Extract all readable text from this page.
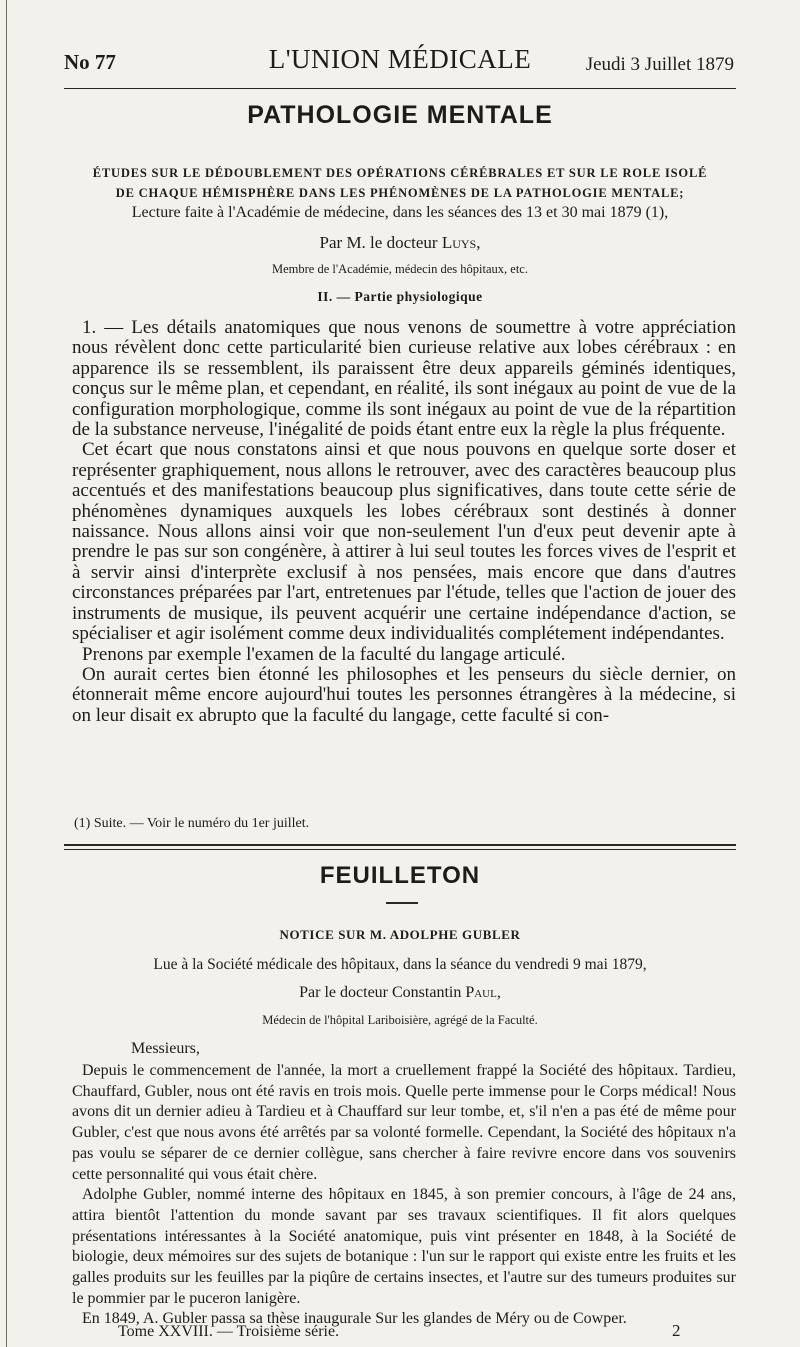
No 77	L'UNION MÉDICALE	Jeudi 3 Juillet 1879
PATHOLOGIE MENTALE
ÉTUDES SUR LE DÉDOUBLEMENT DES OPÉRATIONS CÉRÉBRALES ET SUR LE ROLE ISOLÉ
DE CHAQUE HÉMISPHÈRE DANS LES PHÉNOMÈNES DE LA PATHOLOGIE MENTALE;
Lecture faite à l'Académie de médecine, dans les séances des 13 et 30 mai 1879 (1),
Par M. le docteur Luys,
Membre de l'Académie, médecin des hôpitaux, etc.
II. — Partie physiologique

1. — Les détails anatomiques que nous venons de soumettre à votre appréciation nous révèlent donc cette particularité bien curieuse relative aux lobes cérébraux : en apparence ils se ressemblent, ils paraissent être deux appareils géminés identiques, conçus sur le même plan, et cependant, en réalité, ils sont inégaux au point de vue de la configuration morphologique, comme ils sont inégaux au point de vue de la répartition de la substance nerveuse, l'inégalité de poids étant entre eux la règle la plus fréquente.

Cet écart que nous constatons ainsi et que nous pouvons en quelque sorte doser et représenter graphiquement, nous allons le retrouver, avec des caractères beaucoup plus accentués et des manifestations beaucoup plus significatives, dans toute cette série de phénomènes dynamiques auxquels les lobes cérébraux sont destinés à donner naissance. Nous allons ainsi voir que non-seulement l'un d'eux peut devenir apte à prendre le pas sur son congénère, à attirer à lui seul toutes les forces vives de l'esprit et à servir ainsi d'interprète exclusif à nos pensées, mais encore que dans d'autres circonstances préparées par l'art, entretenues par l'étude, telles que l'action de jouer des instruments de musique, ils peuvent acquérir une certaine indépendance d'action, se spécialiser et agir isolément comme deux individualités complétement indépendantes.

Prenons par exemple l'examen de la faculté du langage articulé.

On aurait certes bien étonné les philosophes et les penseurs du siècle dernier, on étonnerait même encore aujourd'hui toutes les personnes étrangères à la médecine, si on leur disait ex abrupto que la faculté du langage, cette faculté si con-

(1) Suite. — Voir le numéro du 1er juillet.
FEUILLETON
NOTICE SUR M. ADOLPHE GUBLER
Lue à la Société médicale des hôpitaux, dans la séance du vendredi 9 mai 1879,
Par le docteur Constantin Paul,
Médecin de l'hôpital Lariboisière, agrégé de la Faculté.
Messieurs,

Depuis le commencement de l'année, la mort a cruellement frappé la Société des hôpitaux. Tardieu, Chauffard, Gubler, nous ont été ravis en trois mois. Quelle perte immense pour le Corps médical! Nous avons dit un dernier adieu à Tardieu et à Chauffard sur leur tombe, et, s'il n'en a pas été de même pour Gubler, c'est que nous avons été arrêtés par sa volonté formelle. Cependant, la Société des hôpitaux n'a pas voulu se séparer de ce dernier collègue, sans chercher à faire revivre encore dans vos souvenirs cette personnalité qui vous était chère.

Adolphe Gubler, nommé interne des hôpitaux en 1845, à son premier concours, à l'âge de 24 ans, attira bientôt l'attention du monde savant par ses travaux scientifiques. Il fit alors quelques présentations intéressantes à la Société anatomique, puis vint présenter en 1848, à la Société de biologie, deux mémoires sur des sujets de botanique : l'un sur le rapport qui existe entre les fruits et les galles produits sur les feuilles par la piqûre de certains insectes, et l'autre sur des tumeurs produites sur le pommier par le puceron lanigère.

En 1849, A. Gubler passa sa thèse inaugurale Sur les glandes de Méry ou de Cowper.

Tome XXVIII. — Troisième série.	2
